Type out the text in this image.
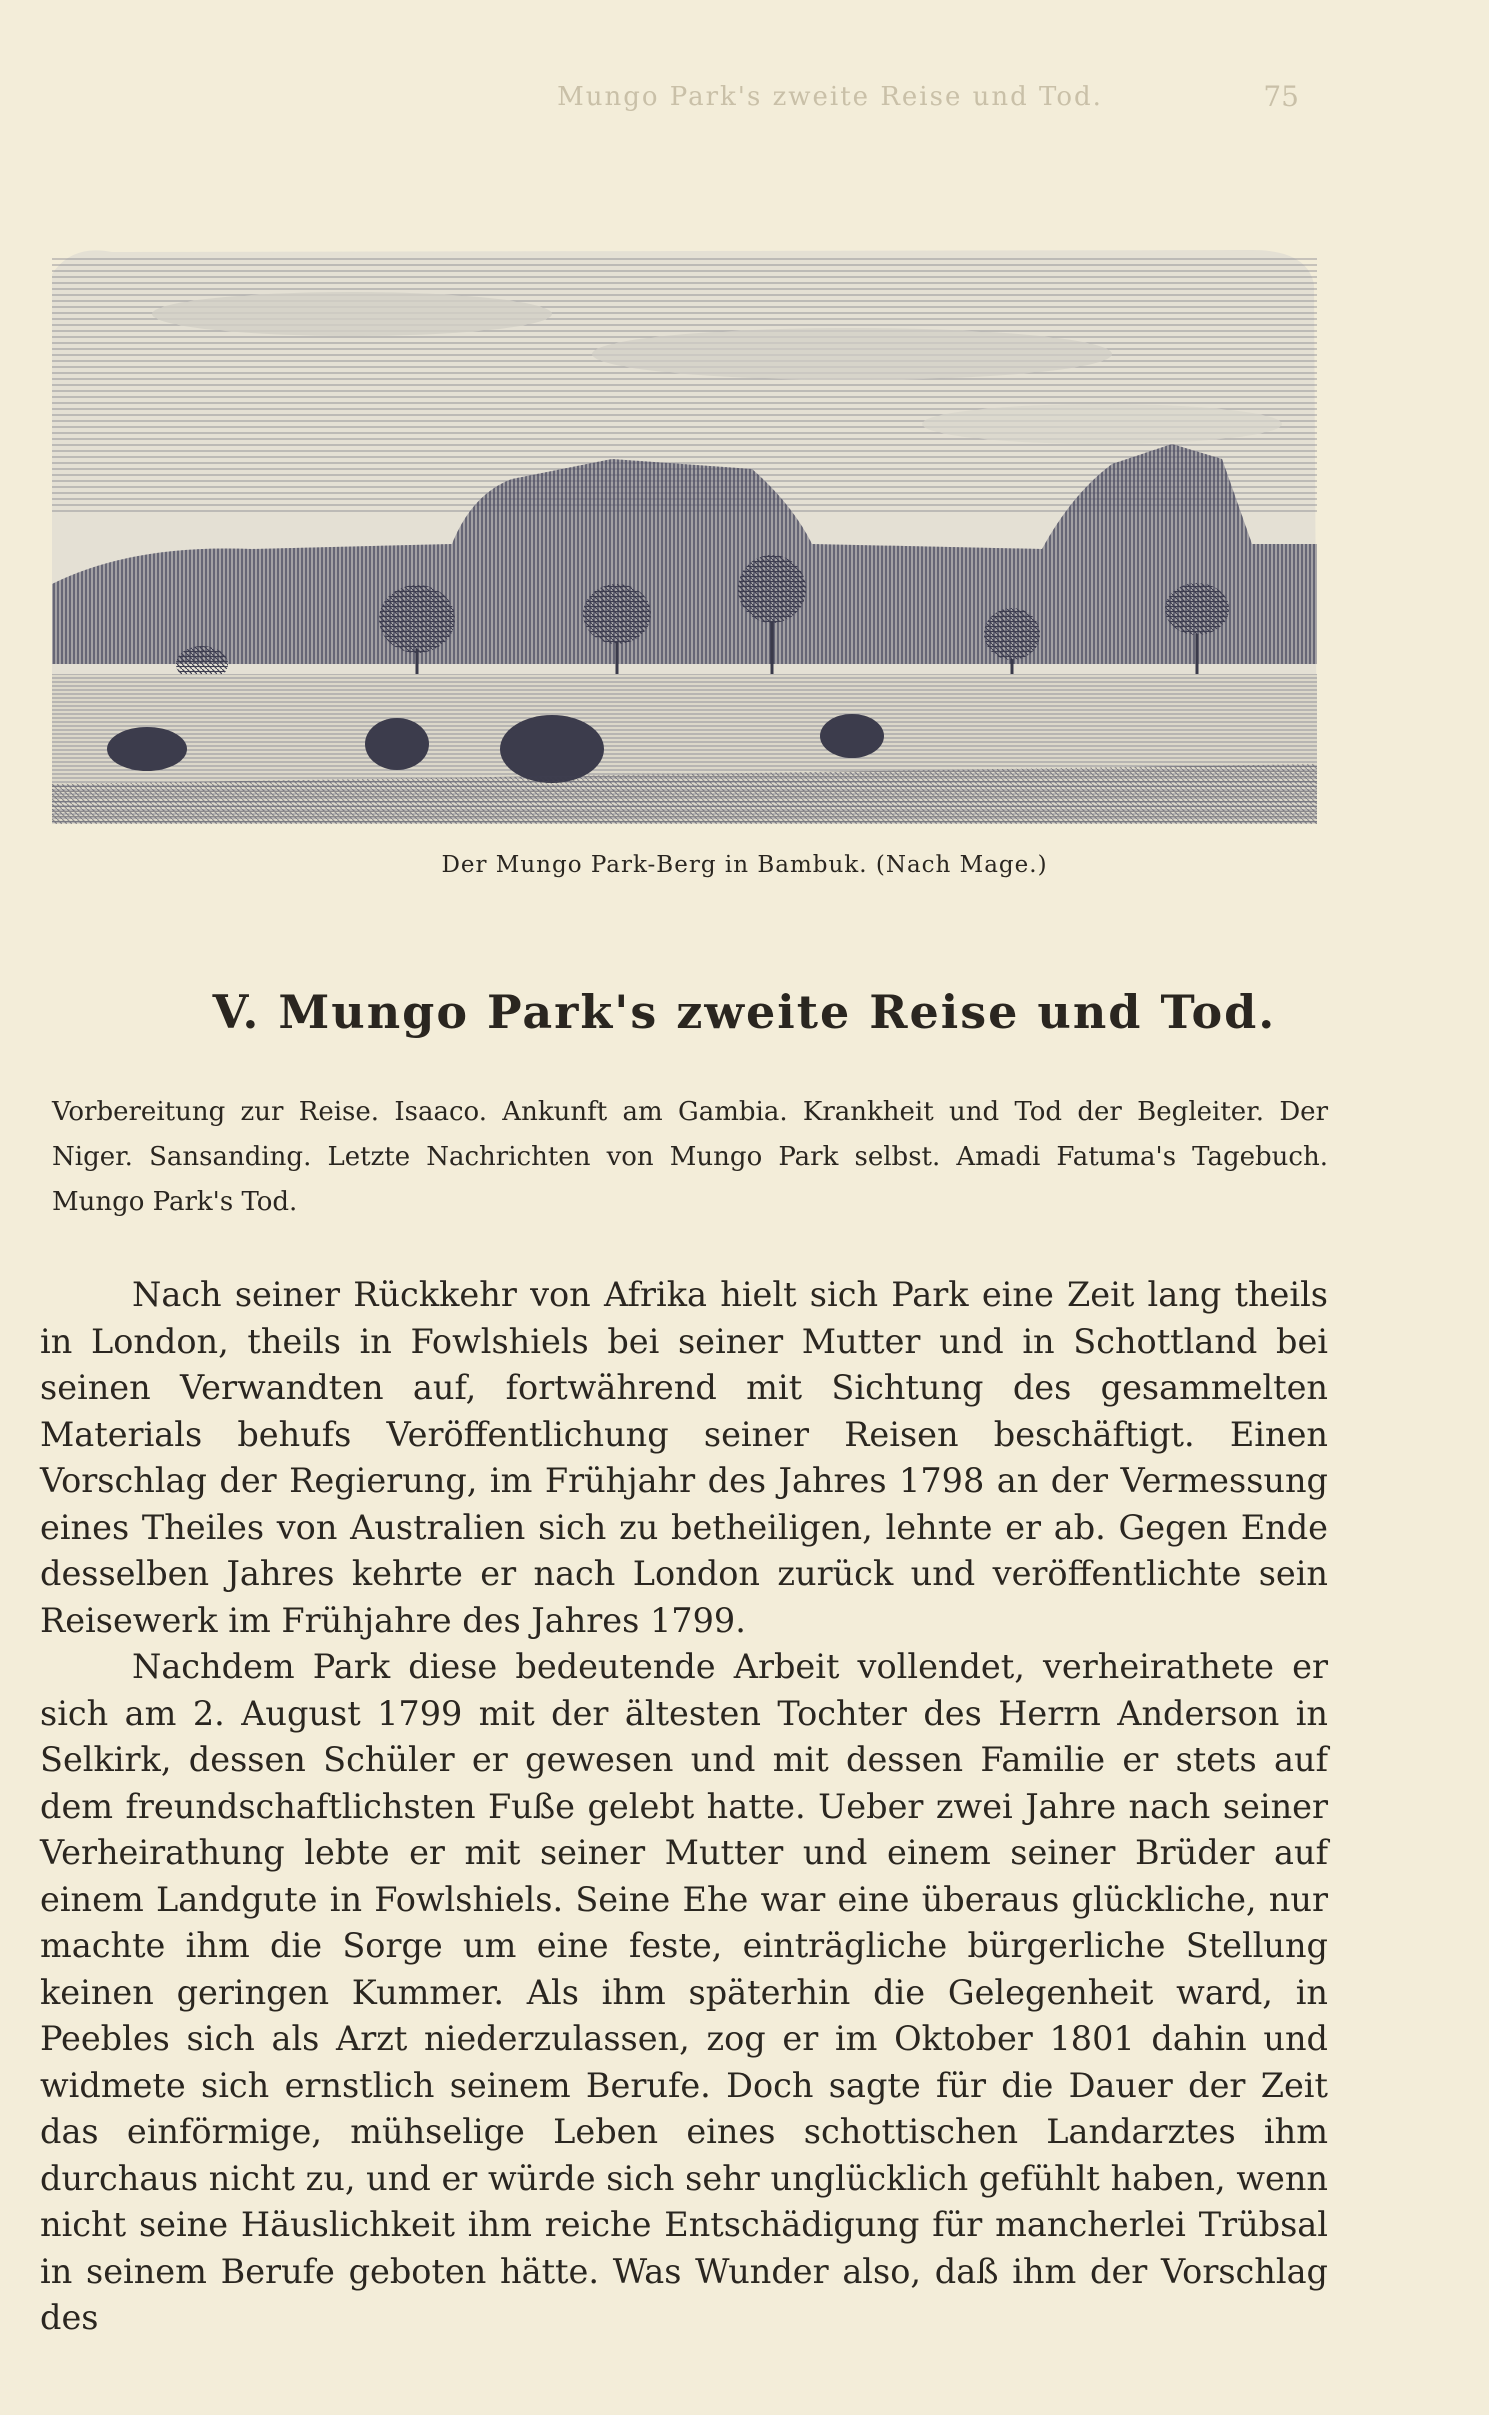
Mungo Park's zweite Reise und Tod.	75
Der Mungo Park-Berg in Bambuk. (Nach Mage.)
V. Mungo Park's zweite Reise und Tod.
Vorbereitung zur Reise. Isaaco. Ankunft am Gambia. Krankheit und Tod der Begleiter. Der Niger. Sansanding. Letzte Nachrichten von Mungo Park selbst. Amadi Fatuma's Tagebuch. Mungo Park's Tod.

Nach seiner Rückkehr von Afrika hielt sich Park eine Zeit lang theils in London, theils in Fowlshiels bei seiner Mutter und in Schottland bei seinen Verwandten auf, fortwährend mit Sichtung des gesammelten Materials behufs Veröffentlichung seiner Reisen beschäftigt. Einen Vorschlag der Regierung, im Frühjahr des Jahres 1798 an der Vermessung eines Theiles von Australien sich zu betheiligen, lehnte er ab. Gegen Ende desselben Jahres kehrte er nach London zurück und veröffentlichte sein Reisewerk im Frühjahre des Jahres 1799.

Nachdem Park diese bedeutende Arbeit vollendet, verheirathete er sich am 2. August 1799 mit der ältesten Tochter des Herrn Anderson in Selkirk, dessen Schüler er gewesen und mit dessen Familie er stets auf dem freundschaftlichsten Fuße gelebt hatte. Ueber zwei Jahre nach seiner Verheirathung lebte er mit seiner Mutter und einem seiner Brüder auf einem Landgute in Fowlshiels. Seine Ehe war eine überaus glückliche, nur machte ihm die Sorge um eine feste, einträgliche bürgerliche Stellung keinen geringen Kummer. Als ihm späterhin die Gelegenheit ward, in Peebles sich als Arzt niederzulassen, zog er im Oktober 1801 dahin und widmete sich ernstlich seinem Berufe. Doch sagte für die Dauer der Zeit das einförmige, mühselige Leben eines schottischen Landarztes ihm durchaus nicht zu, und er würde sich sehr unglücklich gefühlt haben, wenn nicht seine Häuslichkeit ihm reiche Entschädigung für mancherlei Trübsal in seinem Berufe geboten hätte. Was Wunder also, daß ihm der Vorschlag des
